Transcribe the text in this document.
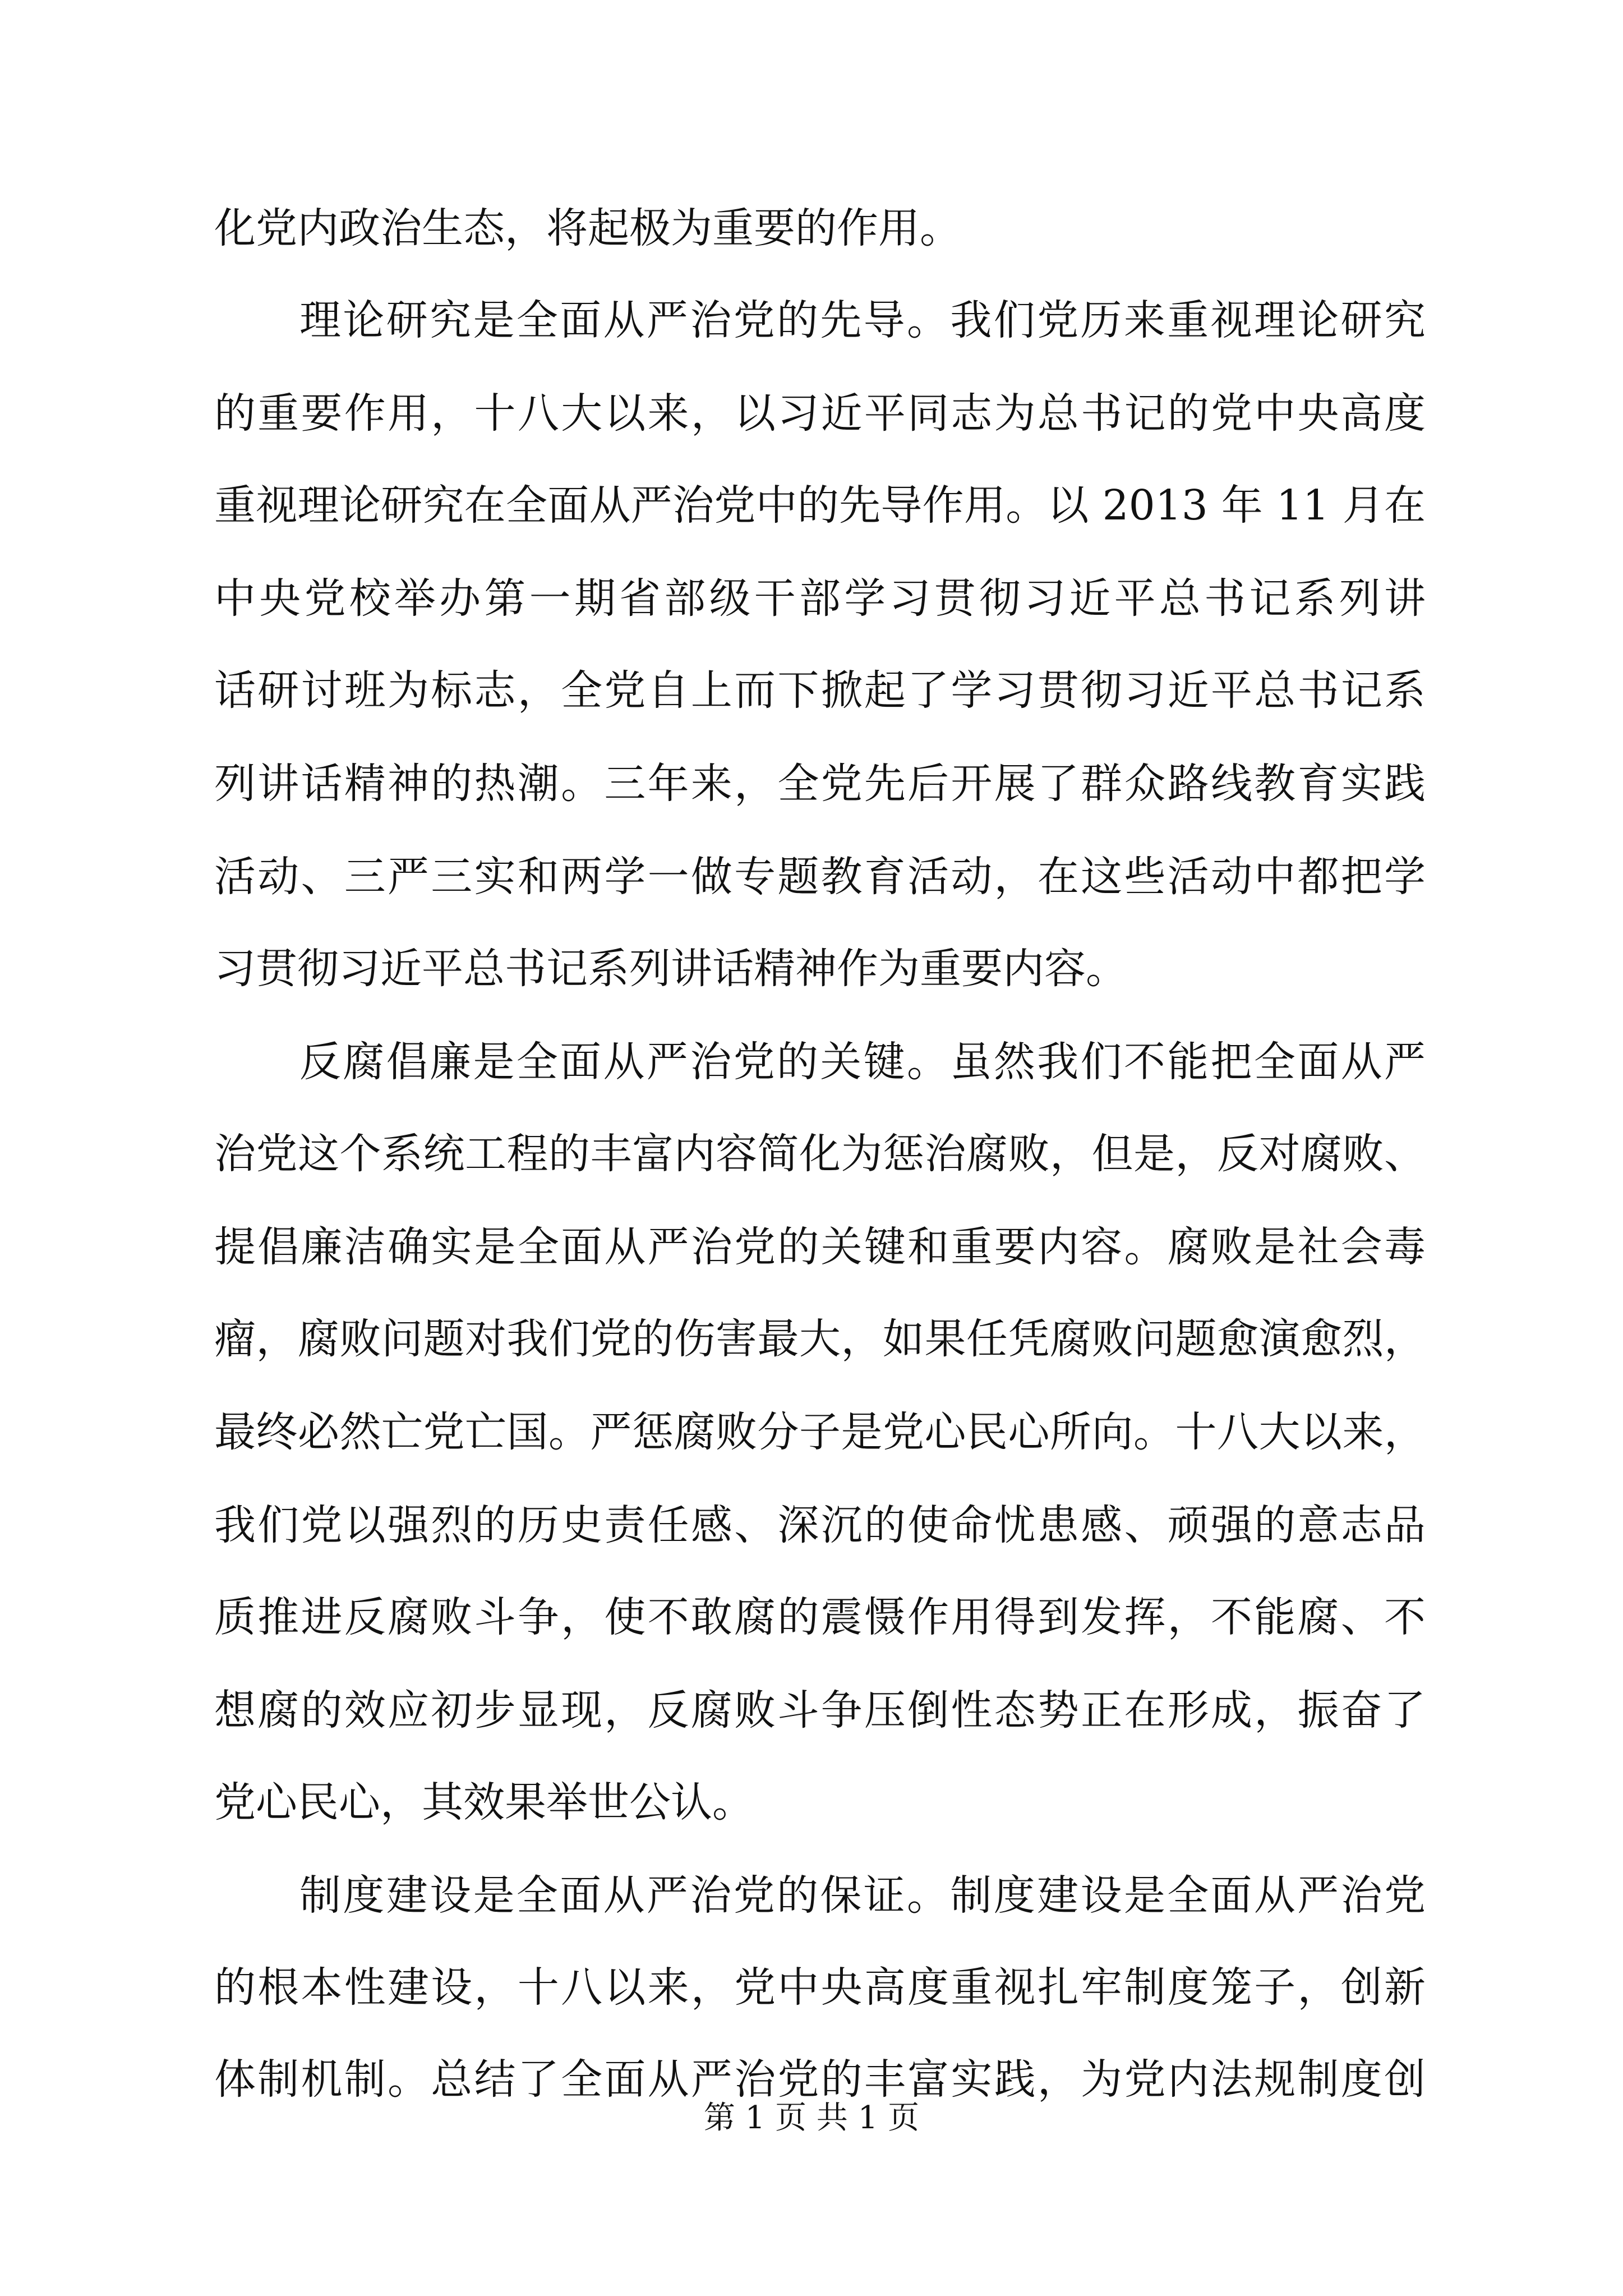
化党内政治生态，将起极为重要的作用。
理论研究是全面从严治党的先导。我们党历来重视理论研究
的重要作用，十八大以来，以习近平同志为总书记的党中央高度
重视理论研究在全面从严治党中的先导作用。以 2013 年 11 月在
中央党校举办第一期省部级干部学习贯彻习近平总书记系列讲
话研讨班为标志，全党自上而下掀起了学习贯彻习近平总书记系
列讲话精神的热潮。三年来，全党先后开展了群众路线教育实践
活动、三严三实和两学一做专题教育活动，在这些活动中都把学
习贯彻习近平总书记系列讲话精神作为重要内容。
反腐倡廉是全面从严治党的关键。虽然我们不能把全面从严
治党这个系统工程的丰富内容简化为惩治腐败，但是，反对腐败、
提倡廉洁确实是全面从严治党的关键和重要内容。腐败是社会毒
瘤，腐败问题对我们党的伤害最大，如果任凭腐败问题愈演愈烈，
最终必然亡党亡国。严惩腐败分子是党心民心所向。十八大以来，
我们党以强烈的历史责任感、深沉的使命忧患感、顽强的意志品
质推进反腐败斗争，使不敢腐的震慑作用得到发挥，不能腐、不
想腐的效应初步显现，反腐败斗争压倒性态势正在形成，振奋了
党心民心，其效果举世公认。
制度建设是全面从严治党的保证。制度建设是全面从严治党
的根本性建设，十八以来，党中央高度重视扎牢制度笼子，创新
第 1 页 共 1 页
体制机制。总结了全面从严治党的丰富实践，为党内法规制度创
